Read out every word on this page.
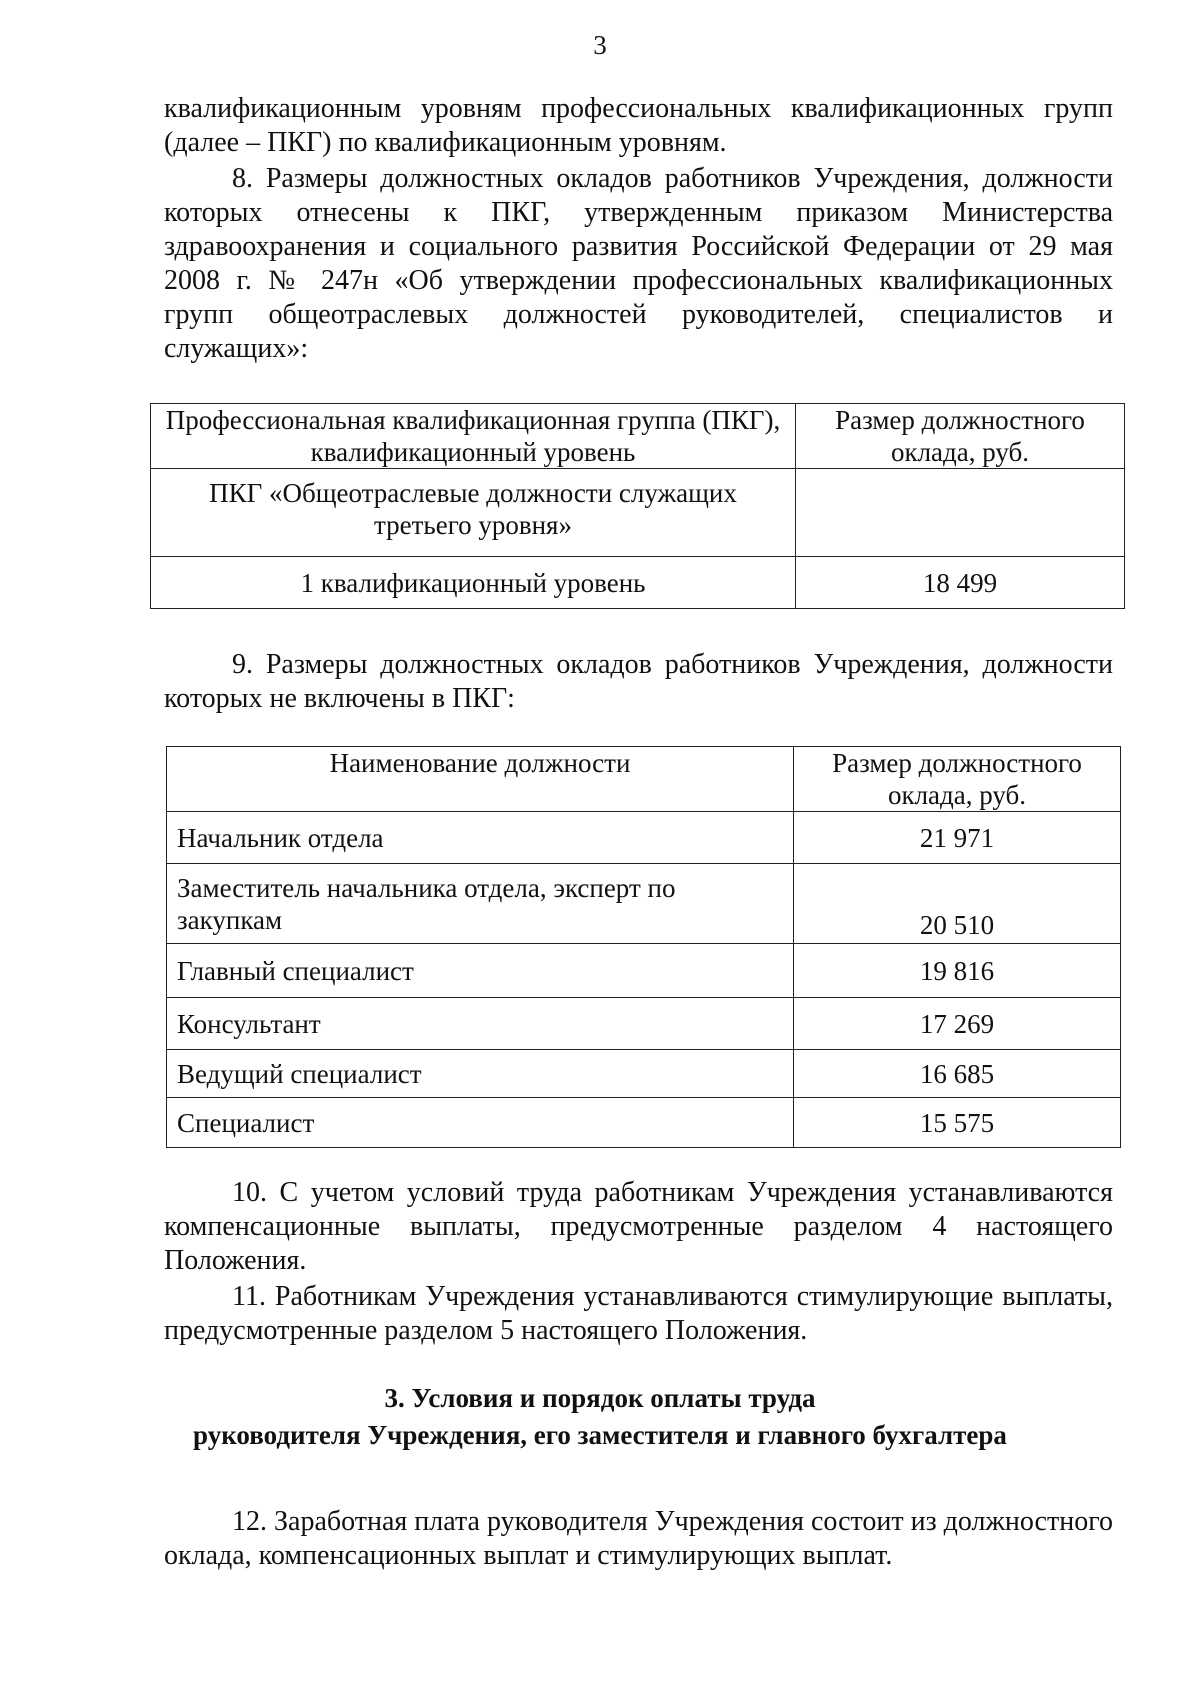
3

квалификационным уровням профессиональных квалификационных групп (далее – ПКГ) по квалификационным уровням.

8. Размеры должностных окладов работников Учреждения, должности которых отнесены к ПКГ, утвержденным приказом Министерства здравоохранения и социального развития Российской Федерации от 29 мая 2008 г. № 247н «Об утверждении профессиональных квалификационных групп общеотраслевых должностей руководителей, специалистов и служащих»:

Профессиональная квалификационная группа (ПКГ), квалификационный уровень	Размер должностного оклада, руб.
ПКГ «Общеотраслевые должности служащих третьего уровня»	
1 квалификационный уровень	18 499

9. Размеры должностных окладов работников Учреждения, должности которых не включены в ПКГ:

Наименование должности	Размер должностного оклада, руб.
Начальник отдела	21 971
Заместитель начальника отдела, эксперт по закупкам	20 510
Главный специалист	19 816
Консультант	17 269
Ведущий специалист	16 685
Специалист	15 575

10. С учетом условий труда работникам Учреждения устанавливаются компенсационные выплаты, предусмотренные разделом 4 настоящего Положения.

11. Работникам Учреждения устанавливаются стимулирующие выплаты, предусмотренные разделом 5 настоящего Положения.

3. Условия и порядок оплаты труда

руководителя Учреждения, его заместителя и главного бухгалтера

12. Заработная плата руководителя Учреждения состоит из должностного оклада, компенсационных выплат и стимулирующих выплат.
